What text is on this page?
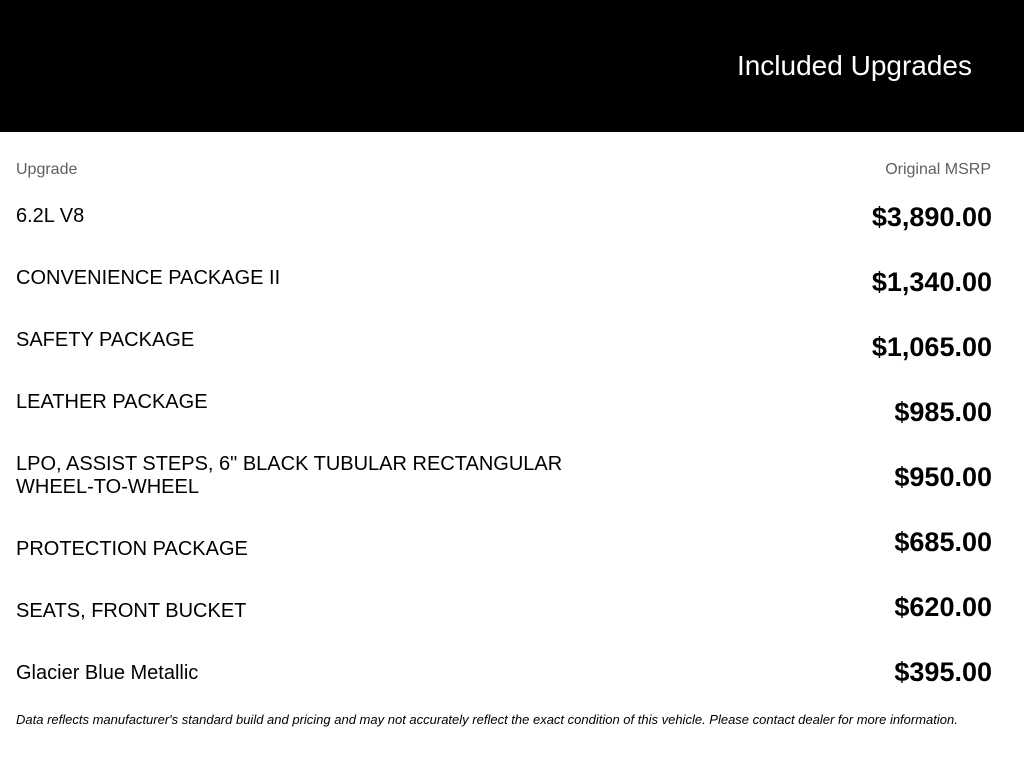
Included Upgrades
Upgrade	Original MSRP
6.2L V8	$3,890.00
CONVENIENCE PACKAGE II	$1,340.00
SAFETY PACKAGE	$1,065.00
LEATHER PACKAGE	$985.00
LPO, ASSIST STEPS, 6" BLACK TUBULAR RECTANGULAR WHEEL-TO-WHEEL	$950.00
PROTECTION PACKAGE	$685.00
SEATS, FRONT BUCKET	$620.00
Glacier Blue Metallic	$395.00
Data reflects manufacturer's standard build and pricing and may not accurately reflect the exact condition of this vehicle. Please contact dealer for more information.
